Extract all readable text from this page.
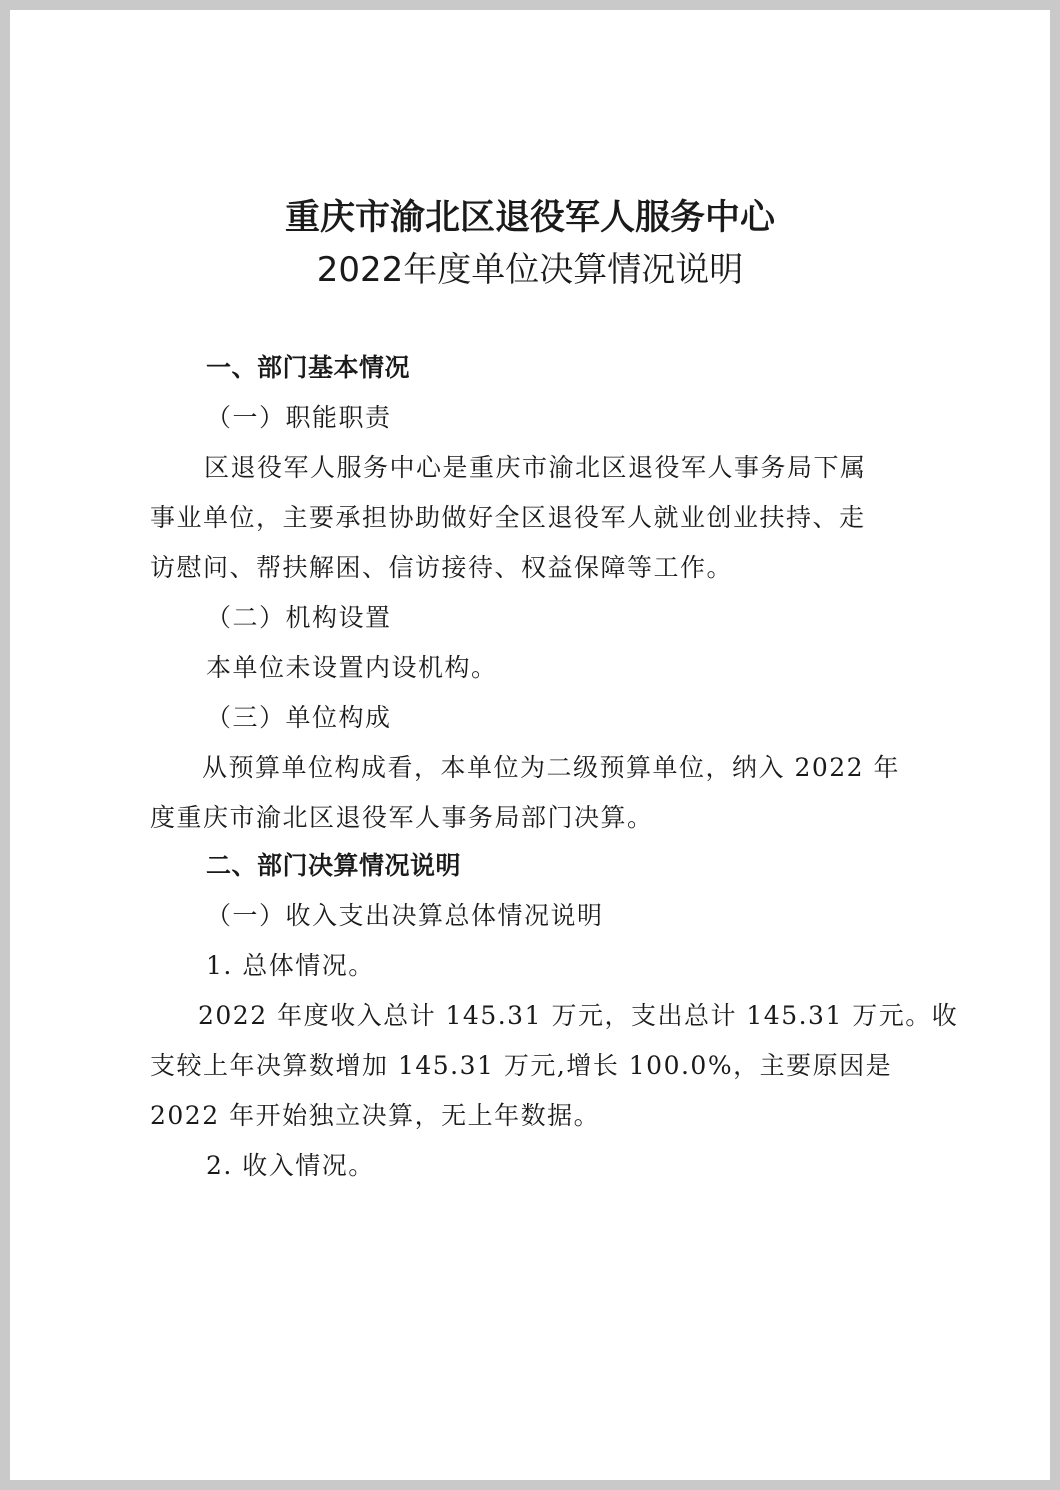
重庆市渝北区退役军人服务中心
2022年度单位决算情况说明
一、部门基本情况
（一）职能职责
区退役军人服务中心是重庆市渝北区退役军人事务局下属
事业单位，主要承担协助做好全区退役军人就业创业扶持、走
访慰问、帮扶解困、信访接待、权益保障等工作。
（二）机构设置
本单位未设置内设机构。
（三）单位构成
从预算单位构成看，本单位为二级预算单位，纳入 2022 年
度重庆市渝北区退役军人事务局部门决算。
二、部门决算情况说明
（一）收入支出决算总体情况说明
1. 总体情况。
2022 年度收入总计 145.31 万元，支出总计 145.31 万元。收
支较上年决算数增加 145.31 万元,增长 100.0%，主要原因是
2022 年开始独立决算，无上年数据。
2. 收入情况。
